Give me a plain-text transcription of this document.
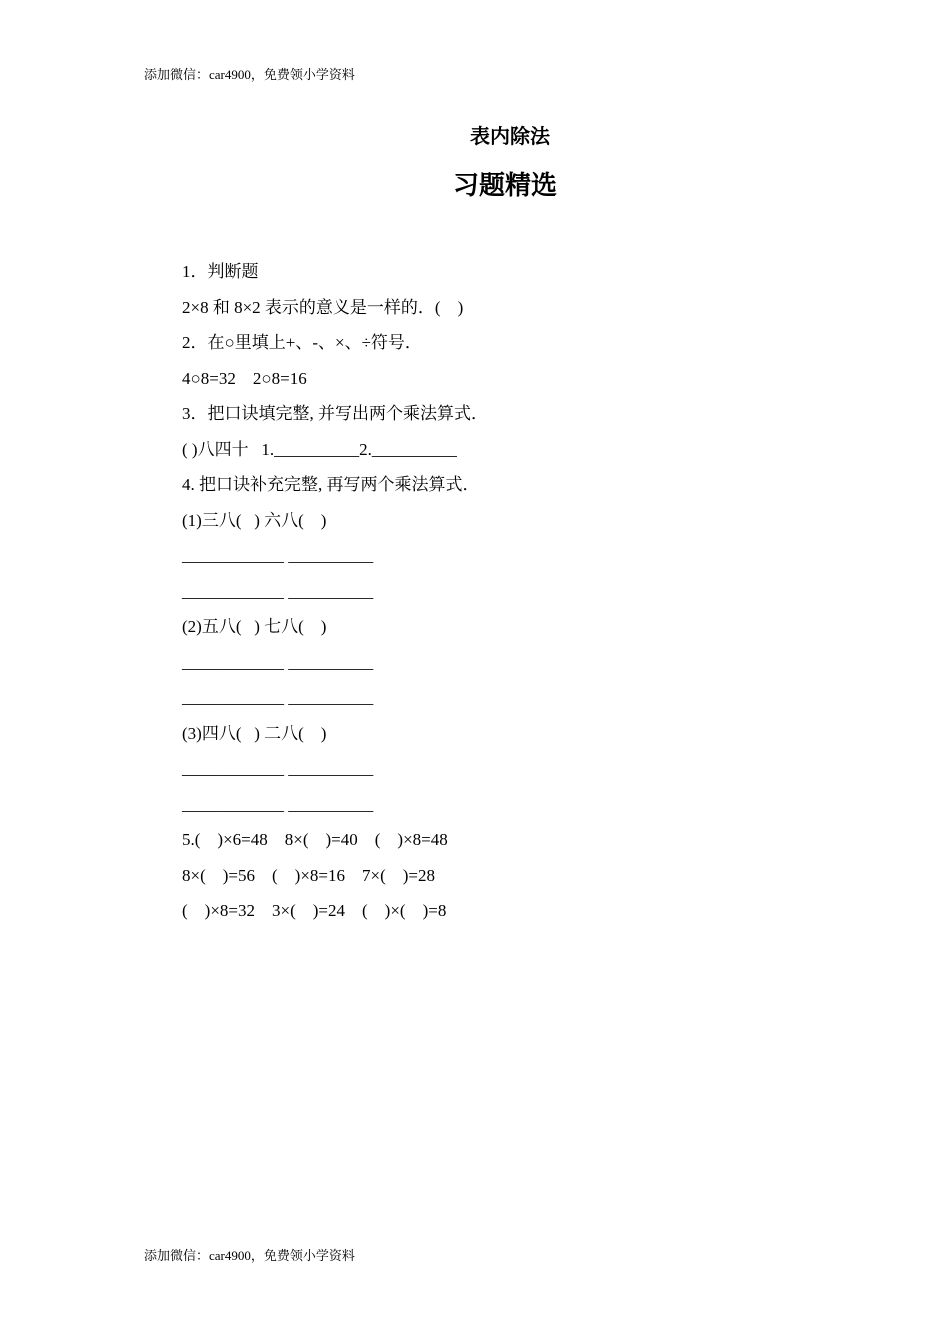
添加微信：car4900，免费领小学资料
表内除法
习题精选
1．判断题
2×8 和 8×2 表示的意义是一样的．(    )
2．在○里填上+、-、×、÷符号．
4○8=32    2○8=16
3．把口诀填完整, 并写出两个乘法算式．
( )八四十   1.__________2.__________
4. 把口诀补充完整, 再写两个乘法算式．
(1)三八(   ) 六八(    )
____________ __________
____________ __________
(2)五八(   ) 七八(    )
____________ __________
____________ __________
(3)四八(   ) 二八(    )
____________ __________
____________ __________
5.(    )×6=48    8×(    )=40    (    )×8=48
8×(    )=56    (    )×8=16    7×(    )=28
(    )×8=32    3×(    )=24    (    )×(    )=8
添加微信：car4900，免费领小学资料
